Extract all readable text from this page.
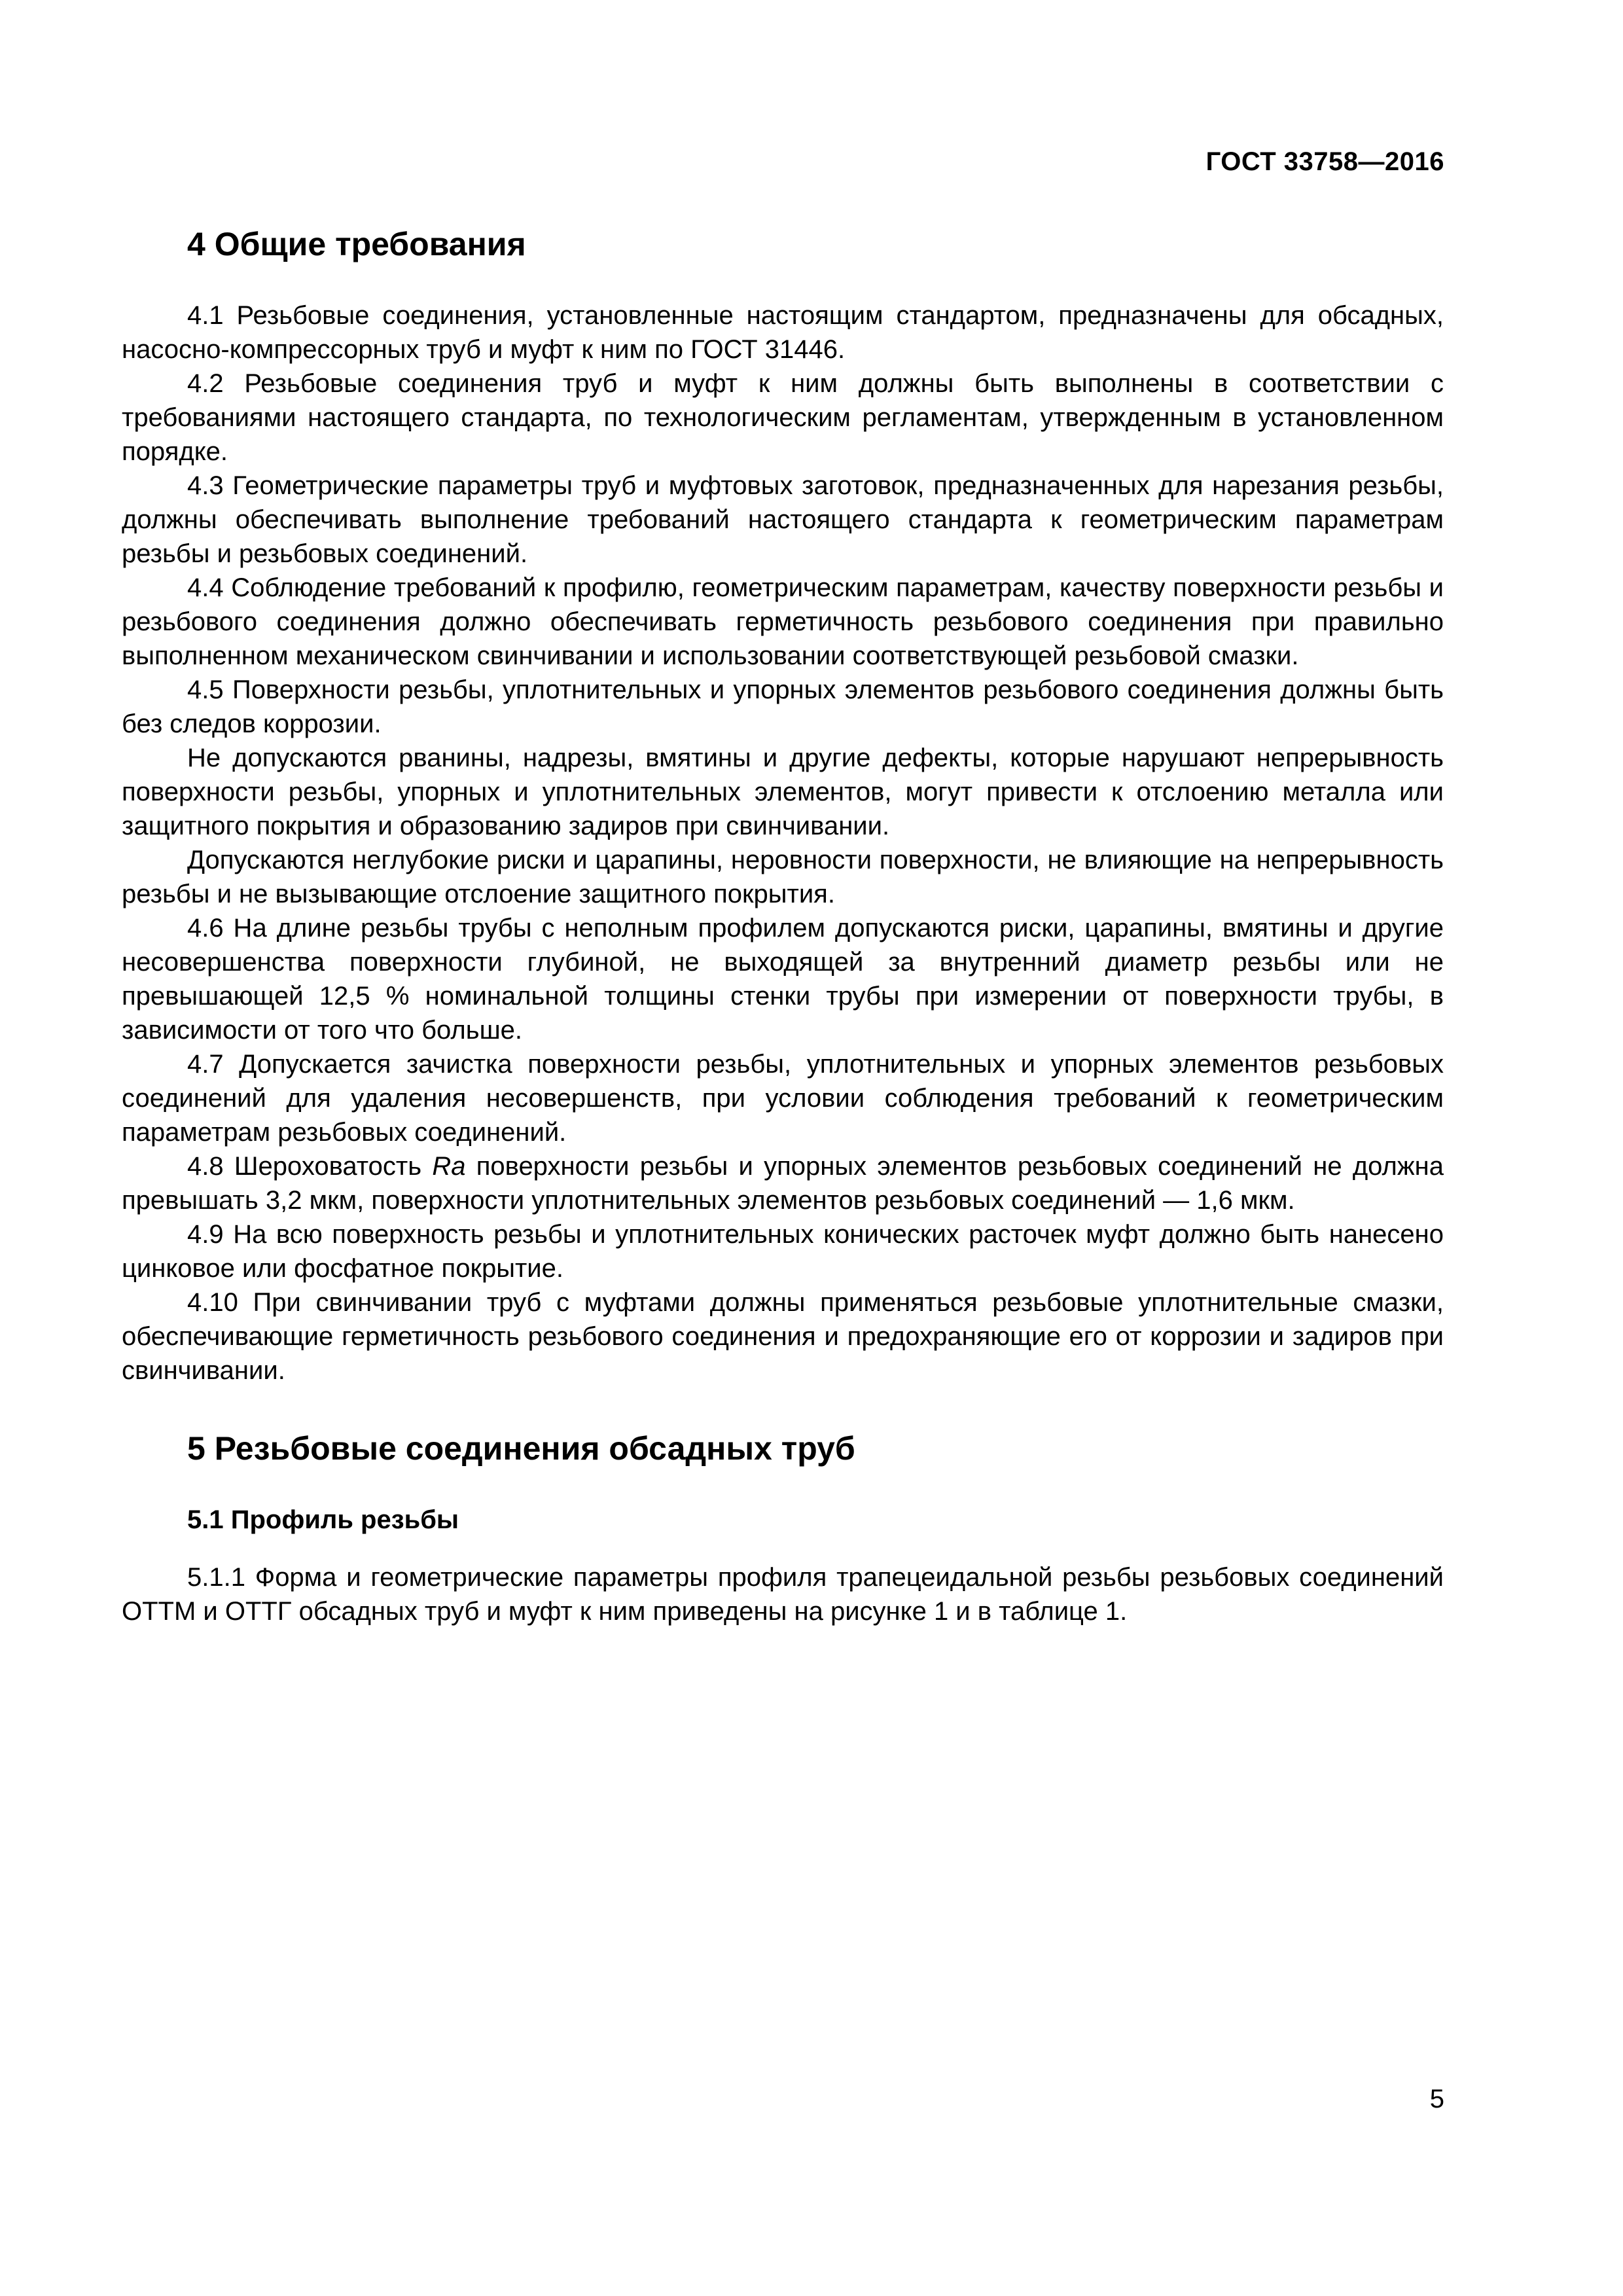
ГОСТ 33758—2016
4 Общие требования

4.1 Резьбовые соединения, установленные настоящим стандартом, предназначены для обсадных, насосно-компрессорных труб и муфт к ним по ГОСТ 31446.

4.2 Резьбовые соединения труб и муфт к ним должны быть выполнены в соответствии с требованиями настоящего стандарта, по технологическим регламентам, утвержденным в установленном порядке.

4.3 Геометрические параметры труб и муфтовых заготовок, предназначенных для нарезания резьбы, должны обеспечивать выполнение требований настоящего стандарта к геометрическим параметрам резьбы и резьбовых соединений.

4.4 Соблюдение требований к профилю, геометрическим параметрам, качеству поверхности резьбы и резьбового соединения должно обеспечивать герметичность резьбового соединения при правильно выполненном механическом свинчивании и использовании соответствующей резьбовой смазки.

4.5 Поверхности резьбы, уплотнительных и упорных элементов резьбового соединения должны быть без следов коррозии.

Не допускаются рванины, надрезы, вмятины и другие дефекты, которые нарушают непрерывность поверхности резьбы, упорных и уплотнительных элементов, могут привести к отслоению металла или защитного покрытия и образованию задиров при свинчивании.

Допускаются неглубокие риски и царапины, неровности поверхности, не влияющие на непрерывность резьбы и не вызывающие отслоение защитного покрытия.

4.6 На длине резьбы трубы с неполным профилем допускаются риски, царапины, вмятины и другие несовершенства поверхности глубиной, не выходящей за внутренний диаметр резьбы или не превышающей 12,5 % номинальной толщины стенки трубы при измерении от поверхности трубы, в зависимости от того что больше.

4.7 Допускается зачистка поверхности резьбы, уплотнительных и упорных элементов резьбовых соединений для удаления несовершенств, при условии соблюдения требований к геометрическим параметрам резьбовых соединений.

4.8 Шероховатость Ra поверхности резьбы и упорных элементов резьбовых соединений не должна превышать 3,2 мкм, поверхности уплотнительных элементов резьбовых соединений — 1,6 мкм.

4.9 На всю поверхность резьбы и уплотнительных конических расточек муфт должно быть нанесено цинковое или фосфатное покрытие.

4.10 При свинчивании труб с муфтами должны применяться резьбовые уплотнительные смазки, обеспечивающие герметичность резьбового соединения и предохраняющие его от коррозии и задиров при свинчивании.

5 Резьбовые соединения обсадных труб
5.1 Профиль резьбы

5.1.1 Форма и геометрические параметры профиля трапецеидальной резьбы резьбовых соединений ОТТМ и ОТТГ обсадных труб и муфт к ним приведены на рисунке 1 и в таблице 1.

5
